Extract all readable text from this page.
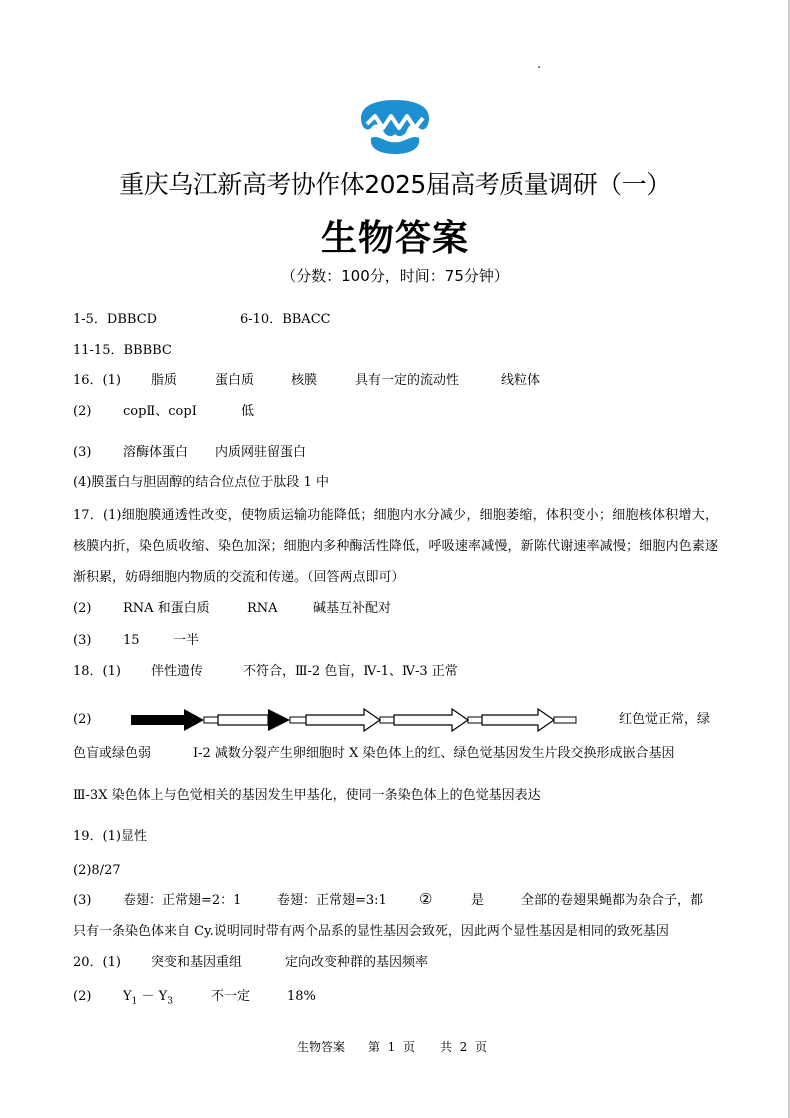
重庆乌江新高考协作体2025届高考质量调研（一）
生物答案
（分数：100分，时间：75分钟）
1-5．DBBCD	6-10．BBACC
11-15．BBBBC
16．(1) 脂质	蛋白质	核膜	具有一定的流动性	线粒体
(2) copⅡ、copⅠ	低
(3) 溶酶体蛋白 内质网驻留蛋白
(4)膜蛋白与胆固醇的结合位点位于肽段 1 中
17．(1)细胞膜通透性改变，使物质运输功能降低；细胞内水分减少，细胞萎缩，体积变小；细胞核体积增大，核膜内折，染色质收缩、染色加深；细胞内多种酶活性降低，呼吸速率减慢，新陈代谢速率减慢；细胞内色素逐渐积累，妨碍细胞内物质的交流和传递。（回答两点即可）
(2) RNA 和蛋白质	RNA	碱基互补配对
(3) 15	一半
18．(1) 伴性遗传	不符合，Ⅲ-2 色盲，Ⅳ-1、Ⅳ-3 正常
(2)	红色觉正常，绿
色盲或绿色弱	Ⅰ-2 减数分裂产生卵细胞时 X 染色体上的红、绿色觉基因发生片段交换形成嵌合基因
Ⅲ-3X 染色体上与色觉相关的基因发生甲基化，使同一条染色体上的色觉基因表达
19．(1)显性
(2)8/27
(3) 卷翅：正常翅=2：1	卷翅：正常翅=3:1 ②	是	全部的卷翅果蝇都为杂合子，都
只有一条染色体来自 Cy.说明同时带有两个品系的显性基因会致死，因此两个显性基因是相同的致死基因
20．(1) 突变和基因重组	定向改变种群的基因频率
(2) $Y_1 - Y_3$	不一定	18%
生物答案 第 1 页 共 2 页
